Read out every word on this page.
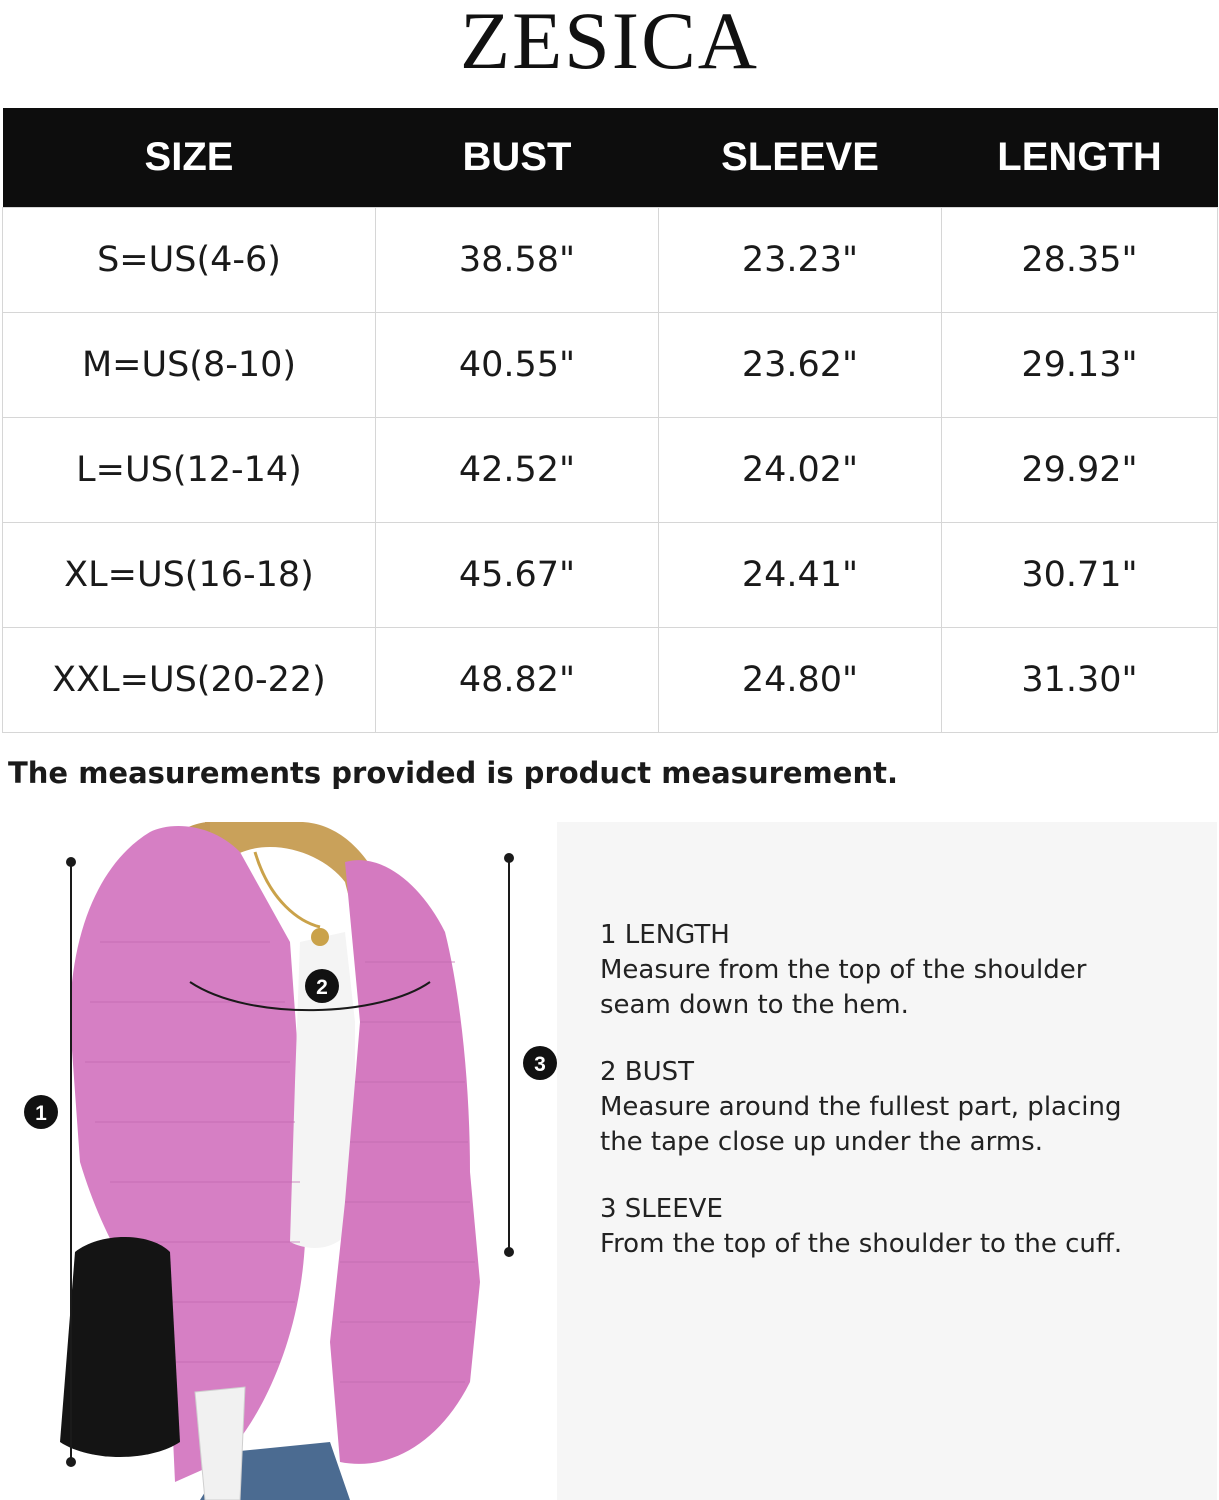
ZESICA
SIZE	BUST	SLEEVE	LENGTH
S=US(4-6)	38.58"	23.23"	28.35"
M=US(8-10)	40.55"	23.62"	29.13"
L=US(12-14)	42.52"	24.02"	29.92"
XL=US(16-18)	45.67"	24.41"	30.71"
XXL=US(20-22)	48.82"	24.80"	31.30"
The measurements provided is product measurement.
1
2
3
1 LENGTH
Measure from the top of the shoulder
seam down to the hem.
2 BUST
Measure around the fullest part, placing
the tape close up under the arms.
3 SLEEVE
From the top of the shoulder to the cuff.
